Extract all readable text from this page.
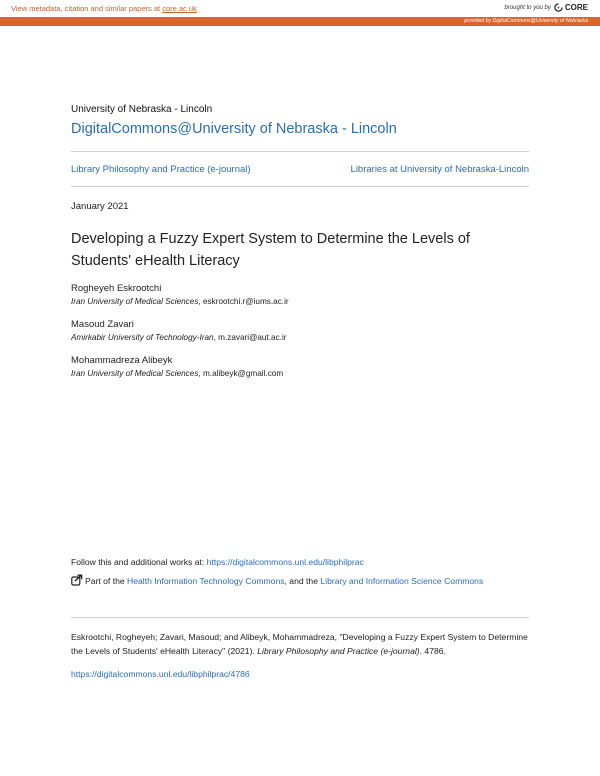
View metadata, citation and similar papers at core.ac.uk	brought to you by CORE
provided by DigitalCommons@University of Nebraska
University of Nebraska - Lincoln
DigitalCommons@University of Nebraska - Lincoln
Library Philosophy and Practice (e-journal)	Libraries at University of Nebraska-Lincoln
January 2021
Developing a Fuzzy Expert System to Determine the Levels of Students' eHealth Literacy
Rogheyeh Eskrootchi
Iran University of Medical Sciences, eskrootchi.r@iums.ac.ir
Masoud Zavari
Amirkabir University of Technology-Iran, m.zavari@aut.ac.ir
Mohammadreza Alibeyk
Iran University of Medical Sciences, m.alibeyk@gmail.com
Follow this and additional works at: https://digitalcommons.unl.edu/libphilprac
Part of the Health Information Technology Commons, and the Library and Information Science Commons
Eskrootchi, Rogheyeh; Zavari, Masoud; and Alibeyk, Mohammadreza, "Developing a Fuzzy Expert System to Determine the Levels of Students' eHealth Literacy" (2021). Library Philosophy and Practice (e-journal). 4786.
https://digitalcommons.unl.edu/libphilprac/4786
